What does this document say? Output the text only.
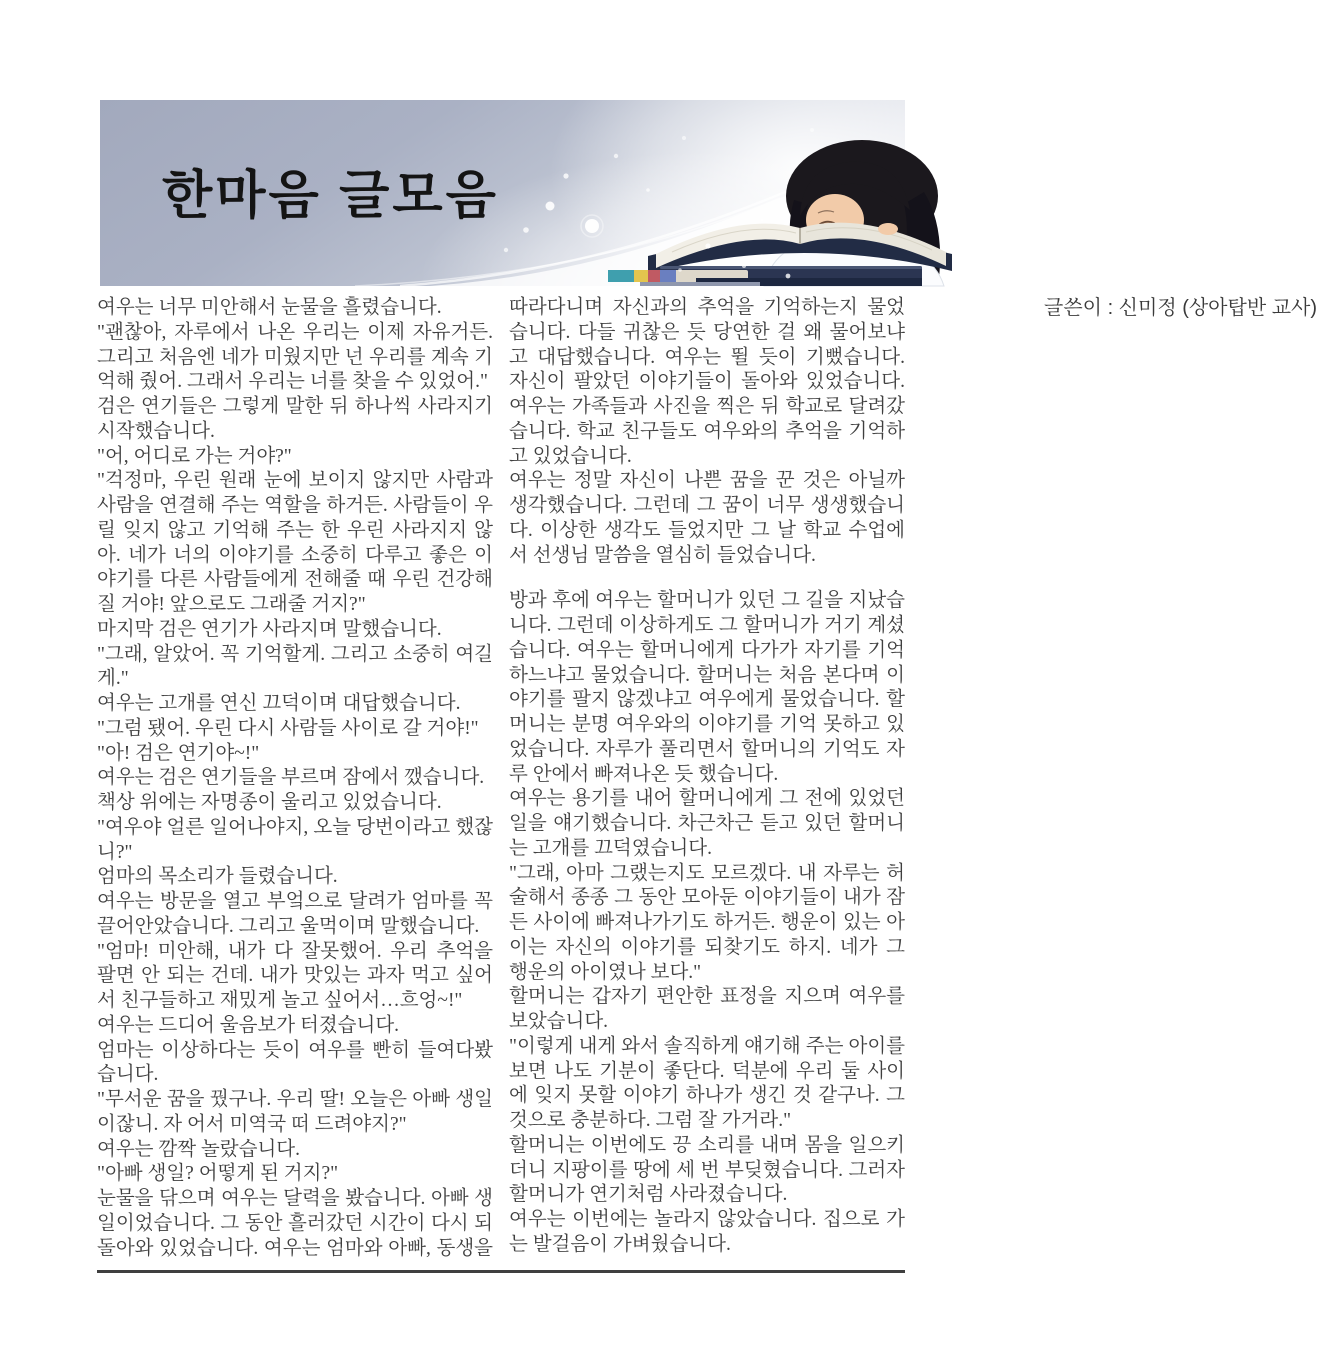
한마음 글모음

여우는 너무 미안해서 눈물을 흘렸습니다.

"괜찮아, 자루에서 나온 우리는 이제 자유거든. 그리고 처음엔 네가 미웠지만 넌 우리를 계속 기억해 줬어. 그래서 우리는 너를 찾을 수 있었어."

검은 연기들은 그렇게 말한 뒤 하나씩 사라지기 시작했습니다.

"어, 어디로 가는 거야?"

"걱정마, 우린 원래 눈에 보이지 않지만 사람과 사람을 연결해 주는 역할을 하거든. 사람들이 우릴 잊지 않고 기억해 주는 한 우린 사라지지 않아. 네가 너의 이야기를 소중히 다루고 좋은 이야기를 다른 사람들에게 전해줄 때 우린 건강해질 거야! 앞으로도 그래줄 거지?"

마지막 검은 연기가 사라지며 말했습니다.

"그래, 알았어. 꼭 기억할게. 그리고 소중히 여길게."

여우는 고개를 연신 끄덕이며 대답했습니다.

"그럼 됐어. 우린 다시 사람들 사이로 갈 거야!"

"아! 검은 연기야~!"

여우는 검은 연기들을 부르며 잠에서 깼습니다.

책상 위에는 자명종이 울리고 있었습니다.

"여우야 얼른 일어나야지, 오늘 당번이라고 했잖니?"

엄마의 목소리가 들렸습니다.

여우는 방문을 열고 부엌으로 달려가 엄마를 꼭 끌어안았습니다. 그리고 울먹이며 말했습니다.

"엄마! 미안해, 내가 다 잘못했어. 우리 추억을 팔면 안 되는 건데. 내가 맛있는 과자 먹고 싶어서 친구들하고 재밌게 놀고 싶어서…흐엉~!"

여우는 드디어 울음보가 터졌습니다.

엄마는 이상하다는 듯이 여우를 빤히 들여다봤습니다.

"무서운 꿈을 꿨구나. 우리 딸! 오늘은 아빠 생일이잖니. 자 어서 미역국 떠 드려야지?"

여우는 깜짝 놀랐습니다.

"아빠 생일? 어떻게 된 거지?"

눈물을 닦으며 여우는 달력을 봤습니다. 아빠 생일이었습니다. 그 동안 흘러갔던 시간이 다시 되돌아와 있었습니다. 여우는 엄마와 아빠, 동생을 따라다니며 자신과의 추억을 기억하는지 물었습니다. 다들 귀찮은 듯 당연한 걸 왜 물어보냐고 대답했습니다. 여우는 뛸 듯이 기뻤습니다. 자신이 팔았던 이야기들이 돌아와 있었습니다. 여우는 가족들과 사진을 찍은 뒤 학교로 달려갔습니다. 학교 친구들도 여우와의 추억을 기억하고 있었습니다.

여우는 정말 자신이 나쁜 꿈을 꾼 것은 아닐까 생각했습니다. 그런데 그 꿈이 너무 생생했습니다. 이상한 생각도 들었지만 그 날 학교 수업에서 선생님 말씀을 열심히 들었습니다.

방과 후에 여우는 할머니가 있던 그 길을 지났습니다. 그런데 이상하게도 그 할머니가 거기 계셨습니다. 여우는 할머니에게 다가가 자기를 기억하느냐고 물었습니다. 할머니는 처음 본다며 이야기를 팔지 않겠냐고 여우에게 물었습니다. 할머니는 분명 여우와의 이야기를 기억 못하고 있었습니다. 자루가 풀리면서 할머니의 기억도 자루 안에서 빠져나온 듯 했습니다.

여우는 용기를 내어 할머니에게 그 전에 있었던 일을 얘기했습니다. 차근차근 듣고 있던 할머니는 고개를 끄덕였습니다.

"그래, 아마 그랬는지도 모르겠다. 내 자루는 허술해서 종종 그 동안 모아둔 이야기들이 내가 잠든 사이에 빠져나가기도 하거든. 행운이 있는 아이는 자신의 이야기를 되찾기도 하지. 네가 그 행운의 아이였나 보다."

할머니는 갑자기 편안한 표정을 지으며 여우를 보았습니다.

"이렇게 내게 와서 솔직하게 얘기해 주는 아이를 보면 나도 기분이 좋단다. 덕분에 우리 둘 사이에 잊지 못할 이야기 하나가 생긴 것 같구나. 그것으로 충분하다. 그럼 잘 가거라."

할머니는 이번에도 끙 소리를 내며 몸을 일으키더니 지팡이를 땅에 세 번 부딪혔습니다. 그러자 할머니가 연기처럼 사라졌습니다.

여우는 이번에는 놀라지 않았습니다. 집으로 가는 발걸음이 가벼웠습니다.

글쓴이 : 신미정 (상아탑반 교사)
